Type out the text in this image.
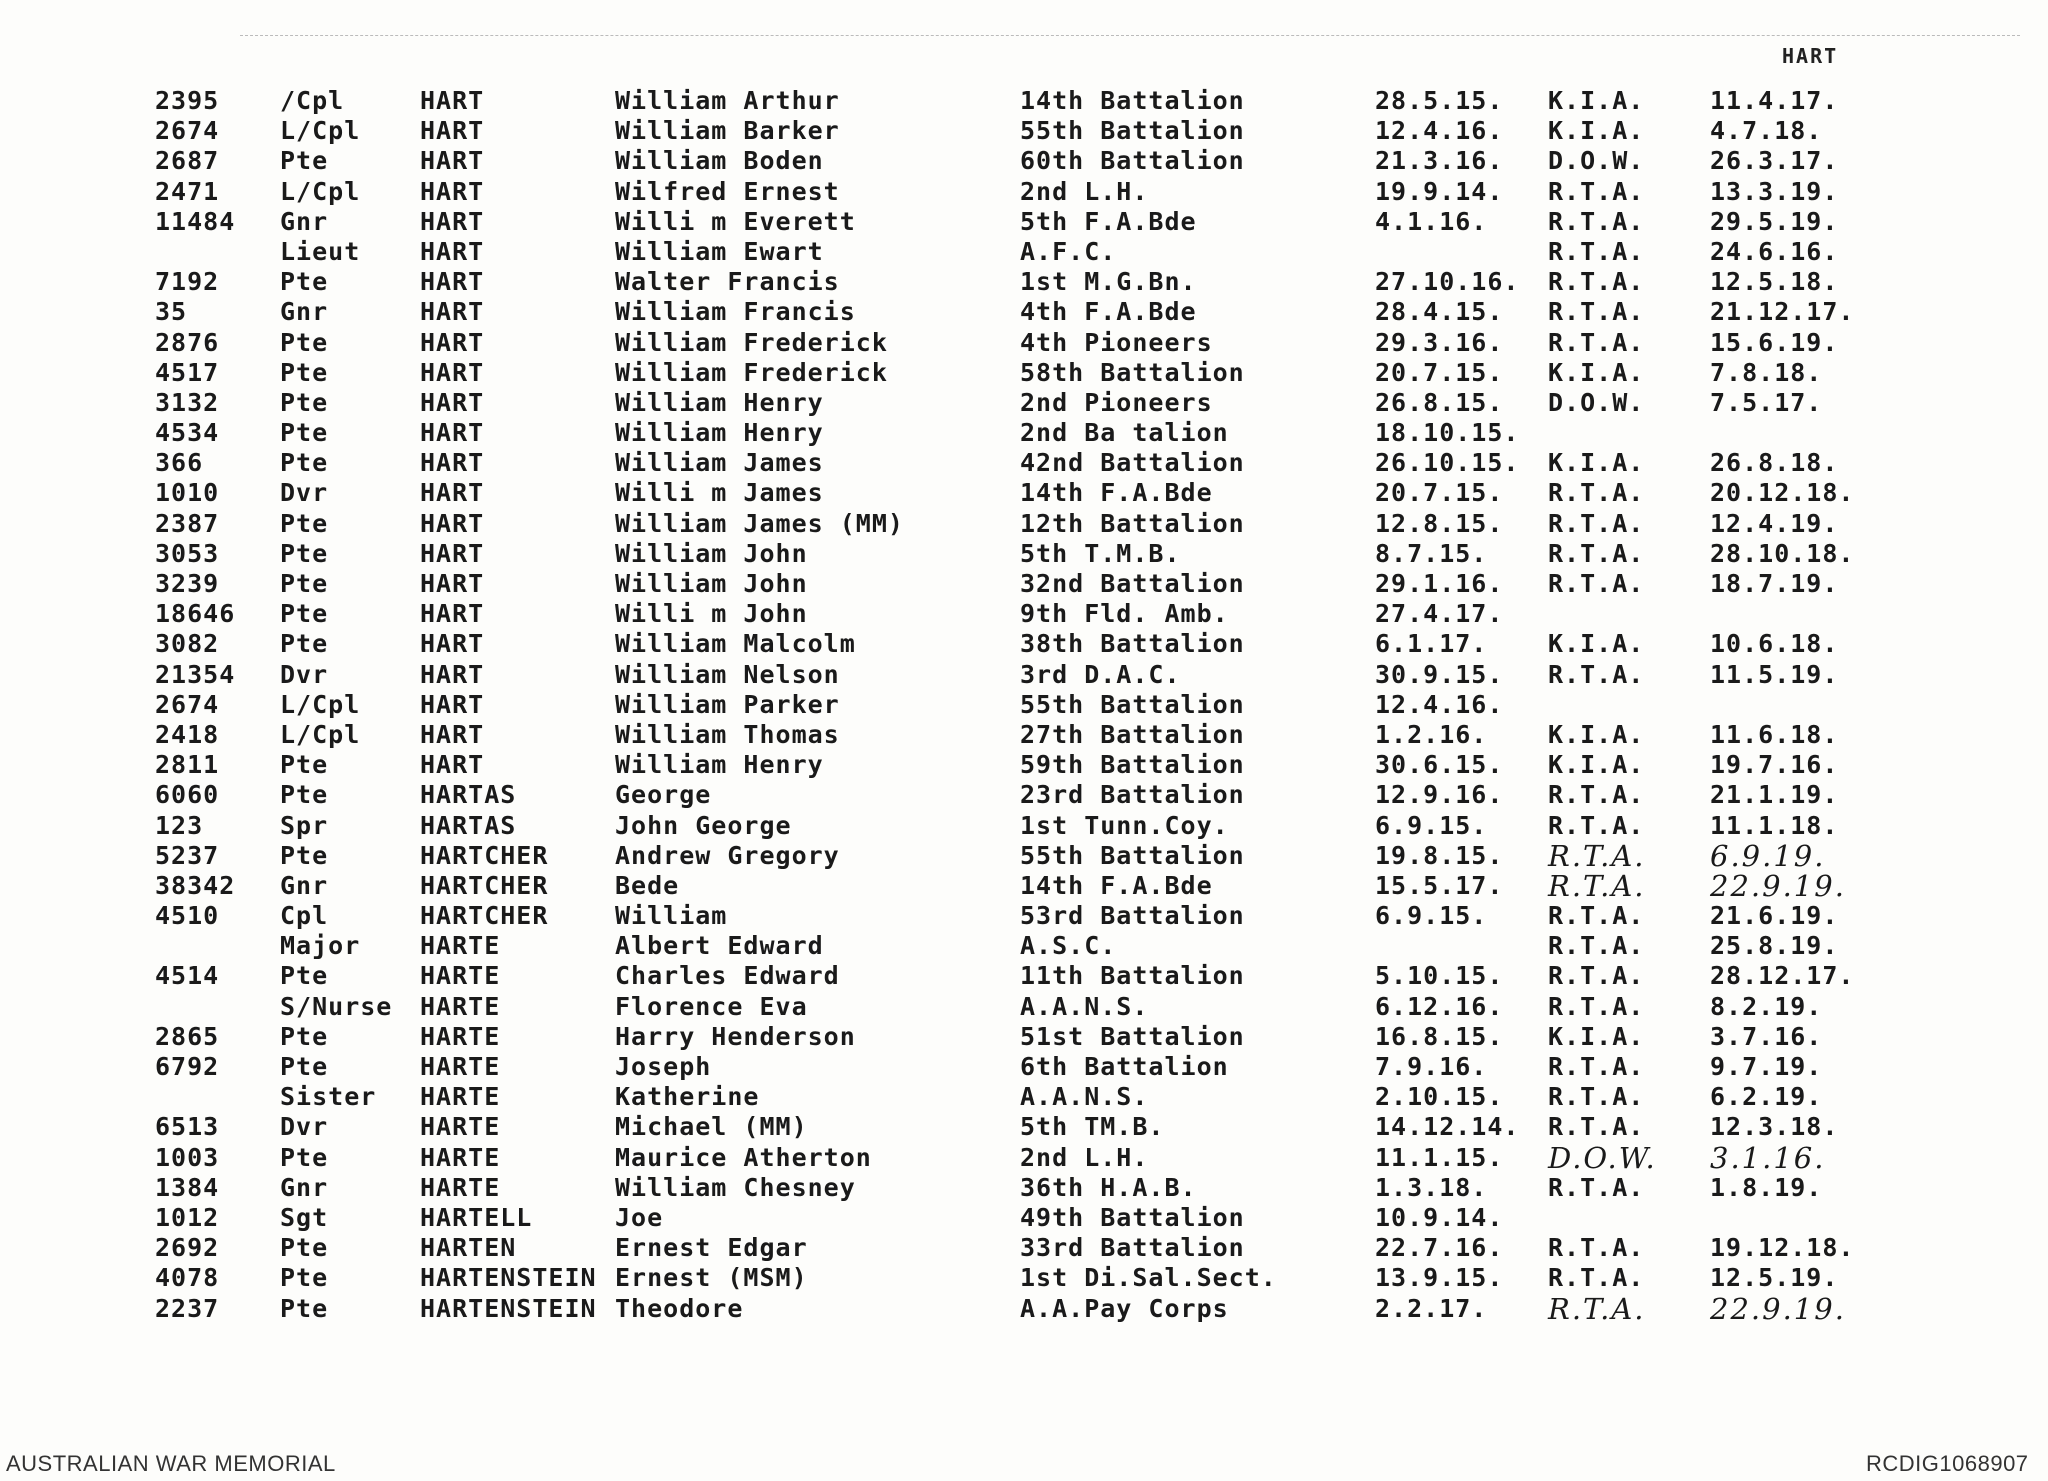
HART
2395 /Cpl	HART	William Arthur	14th Battalion	28.5.15. K.I.A.	11.4.17.
2674 L/Cpl HART	William Barker	55th Battalion	12.4.16. K.I.A.	4.7.18.
2687 Pte	HART	William Boden	60th Battalion	21.3.16. D.O.W.	26.3.17.
2471 L/Cpl HART	Wilfred Ernest	2nd L.H.	19.9.14. R.T.A.	13.3.19.
11484 Gnr	HART	Willi m Everett	5th F.A.Bde	4.1.16. R.T.A.	29.5.19.
Lieut HART	William Ewart	A.F.C.	R.T.A.	24.6.16.
7192 Pte	HART	Walter Francis	1st M.G.Bn.	27.10.16. R.T.A.	12.5.18.
35	Gnr	HART	William Francis	4th F.A.Bde	28.4.15. R.T.A.	21.12.17.
2876 Pte	HART	William Frederick	4th Pioneers	29.3.16. R.T.A.	15.6.19.
4517 Pte	HART	William Frederick	58th Battalion	20.7.15. K.I.A.	7.8.18.
3132 Pte	HART	William Henry	2nd Pioneers	26.8.15. D.O.W.	7.5.17.
4534 Pte	HART	William Henry	2nd Ba talion	18.10.15.
366	Pte	HART	William James	42nd Battalion	26.10.15. K.I.A.	26.8.18.
1010 Dvr	HART	Willi m James	14th F.A.Bde	20.7.15. R.T.A.	20.12.18.
2387 Pte	HART	William James (MM)	12th Battalion	12.8.15. R.T.A.	12.4.19.
3053 Pte	HART	William John	5th T.M.B.	8.7.15. R.T.A.	28.10.18.
3239 Pte	HART	William John	32nd Battalion	29.1.16. R.T.A.	18.7.19.
18646 Pte	HART	Willi m John	9th Fld. Amb.	27.4.17.
3082 Pte	HART	William Malcolm	38th Battalion	6.1.17. K.I.A.	10.6.18.
21354 Dvr	HART	William Nelson	3rd D.A.C.	30.9.15. R.T.A.	11.5.19.
2674 L/Cpl HART	William Parker	55th Battalion	12.4.16.
2418 L/Cpl HART	William Thomas	27th Battalion	1.2.16. K.I.A.	11.6.18.
2811 Pte	HART	William Henry	59th Battalion	30.6.15. K.I.A.	19.7.16.
6060 Pte	HARTAS	George	23rd Battalion	12.9.16. R.T.A.	21.1.19.
123	Spr	HARTAS	John George	1st Tunn.Coy.	6.9.15. R.T.A.	11.1.18.
5237 Pte	HARTCHER	Andrew Gregory	55th Battalion	19.8.15. R.T.A. 6.9.19.
38342 Gnr	HARTCHER	Bede	14th F.A.Bde	15.5.17. R.T.A. 22.9.19.
4510 Cpl	HARTCHER	William	53rd Battalion	6.9.15. R.T.A.	21.6.19.
Major HARTE	Albert Edward	A.S.C.	R.T.A.	25.8.19.
4514 Pte	HARTE	Charles Edward	11th Battalion	5.10.15. R.T.A.	28.12.17.
S/Nurse HARTE	Florence Eva	A.A.N.S.	6.12.16. R.T.A.	8.2.19.
2865 Pte	HARTE	Harry Henderson	51st Battalion	16.8.15. K.I.A.	3.7.16.
6792 Pte	HARTE	Joseph	6th Battalion	7.9.16. R.T.A.	9.7.19.
Sister HARTE	Katherine	A.A.N.S.	2.10.15. R.T.A.	6.2.19.
6513 Dvr	HARTE	Michael (MM)	5th TM.B.	14.12.14. R.T.A.	12.3.18.
1003 Pte	HARTE	Maurice Atherton	2nd L.H.	11.1.15. D.O.W. 3.1.16.
1384 Gnr	HARTE	William Chesney	36th H.A.B.	1.3.18. R.T.A.	1.8.19.
1012 Sgt	HARTELL	Joe	49th Battalion	10.9.14.
2692 Pte	HARTEN	Ernest Edgar	33rd Battalion	22.7.16. R.T.A.	19.12.18.
4078 Pte	HARTENSTEIN Ernest (MSM)	1st Di.Sal.Sect.	13.9.15. R.T.A.	12.5.19.
2237 Pte	HARTENSTEIN Theodore	A.A.Pay Corps	2.2.17. R.T.A. 22.9.19.
AUSTRALIAN WAR MEMORIAL	RCDIG1068907
